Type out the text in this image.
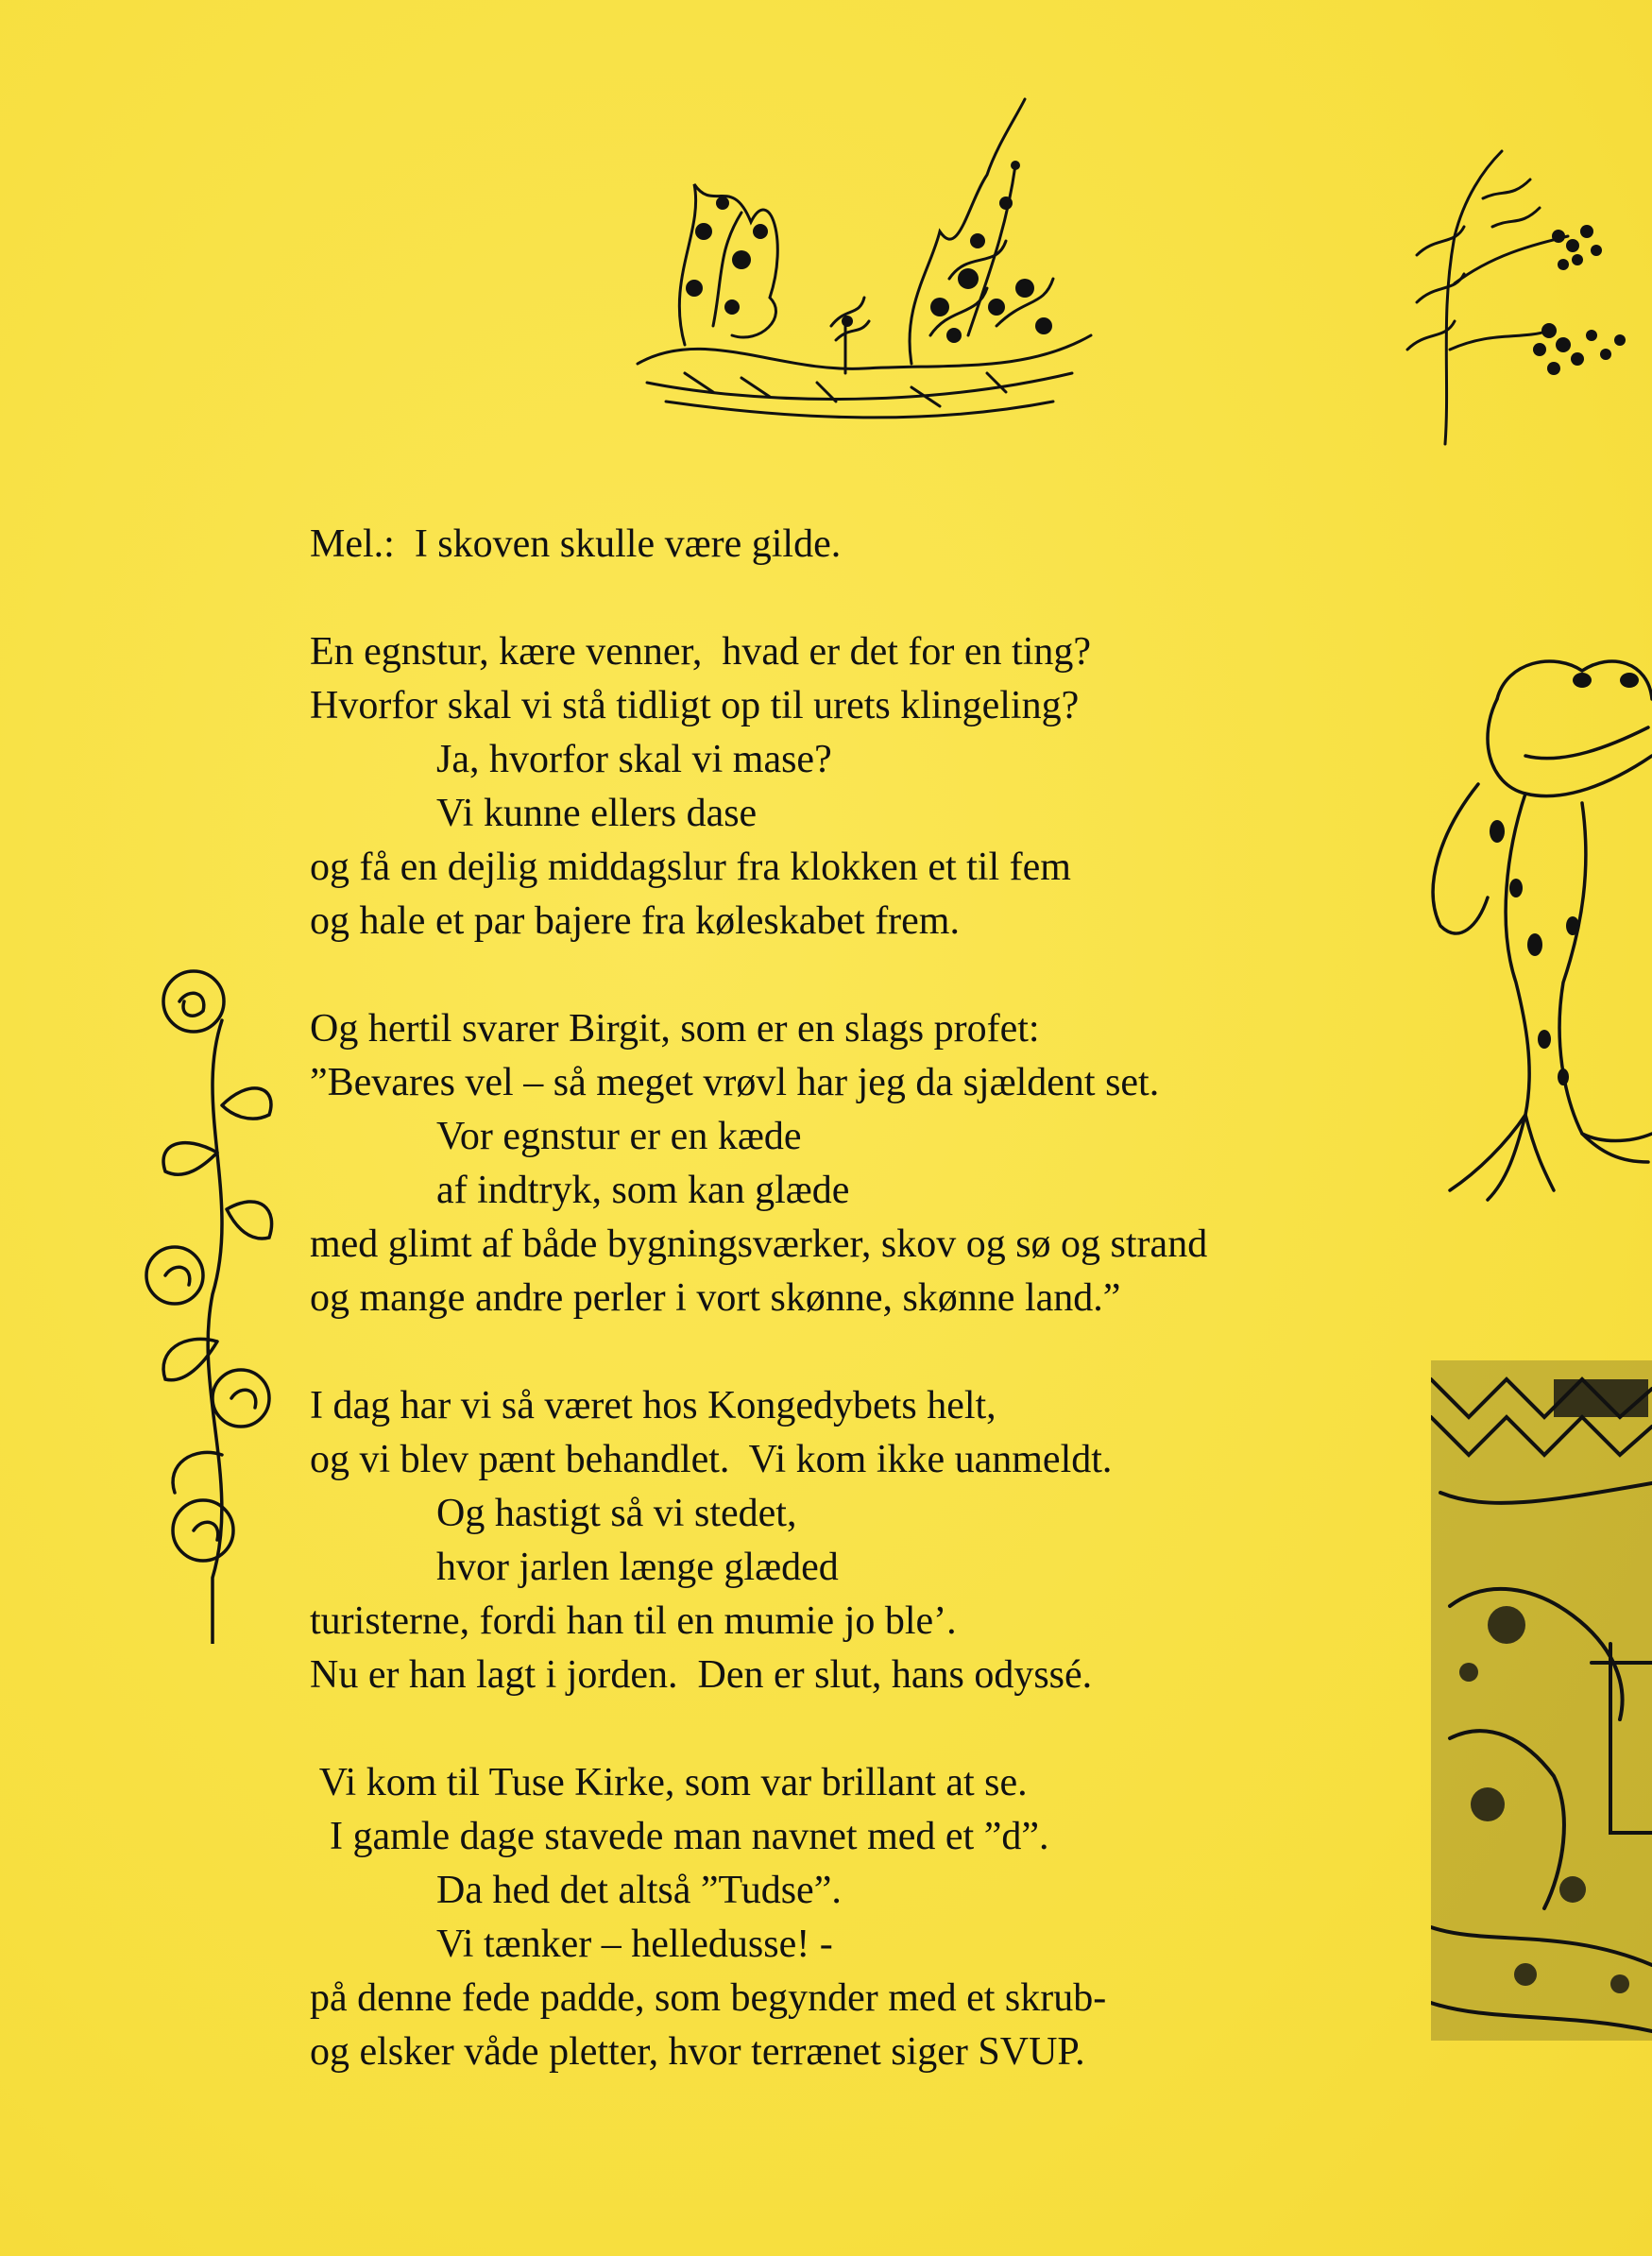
Mel.:  I skoven skulle være gilde.
En egnstur, kære venner,  hvad er det for en ting?
Hvorfor skal vi stå tidligt op til urets klingeling?
Ja, hvorfor skal vi mase?
Vi kunne ellers dase
og få en dejlig middagslur fra klokken et til fem
og hale et par bajere fra køleskabet frem.
Og hertil svarer Birgit, som er en slags profet:
”Bevares vel – så meget vrøvl har jeg da sjældent set.
Vor egnstur er en kæde
af indtryk, som kan glæde
med glimt af både bygningsværker, skov og sø og strand
og mange andre perler i vort skønne, skønne land.”
I dag har vi så været hos Kongedybets helt,
og vi blev pænt behandlet.  Vi kom ikke uanmeldt.
Og hastigt så vi stedet,
hvor jarlen længe glæded
turisterne, fordi han til en mumie jo ble’.
Nu er han lagt i jorden.  Den er slut, hans odyssé.
Vi kom til Tuse Kirke, som var brillant at se.
I gamle dage stavede man navnet med et ”d”.
Da hed det altså ”Tudse”.
Vi tænker – helledusse! -
på denne fede padde, som begynder med et skrub-
og elsker våde pletter, hvor terrænet siger SVUP.
